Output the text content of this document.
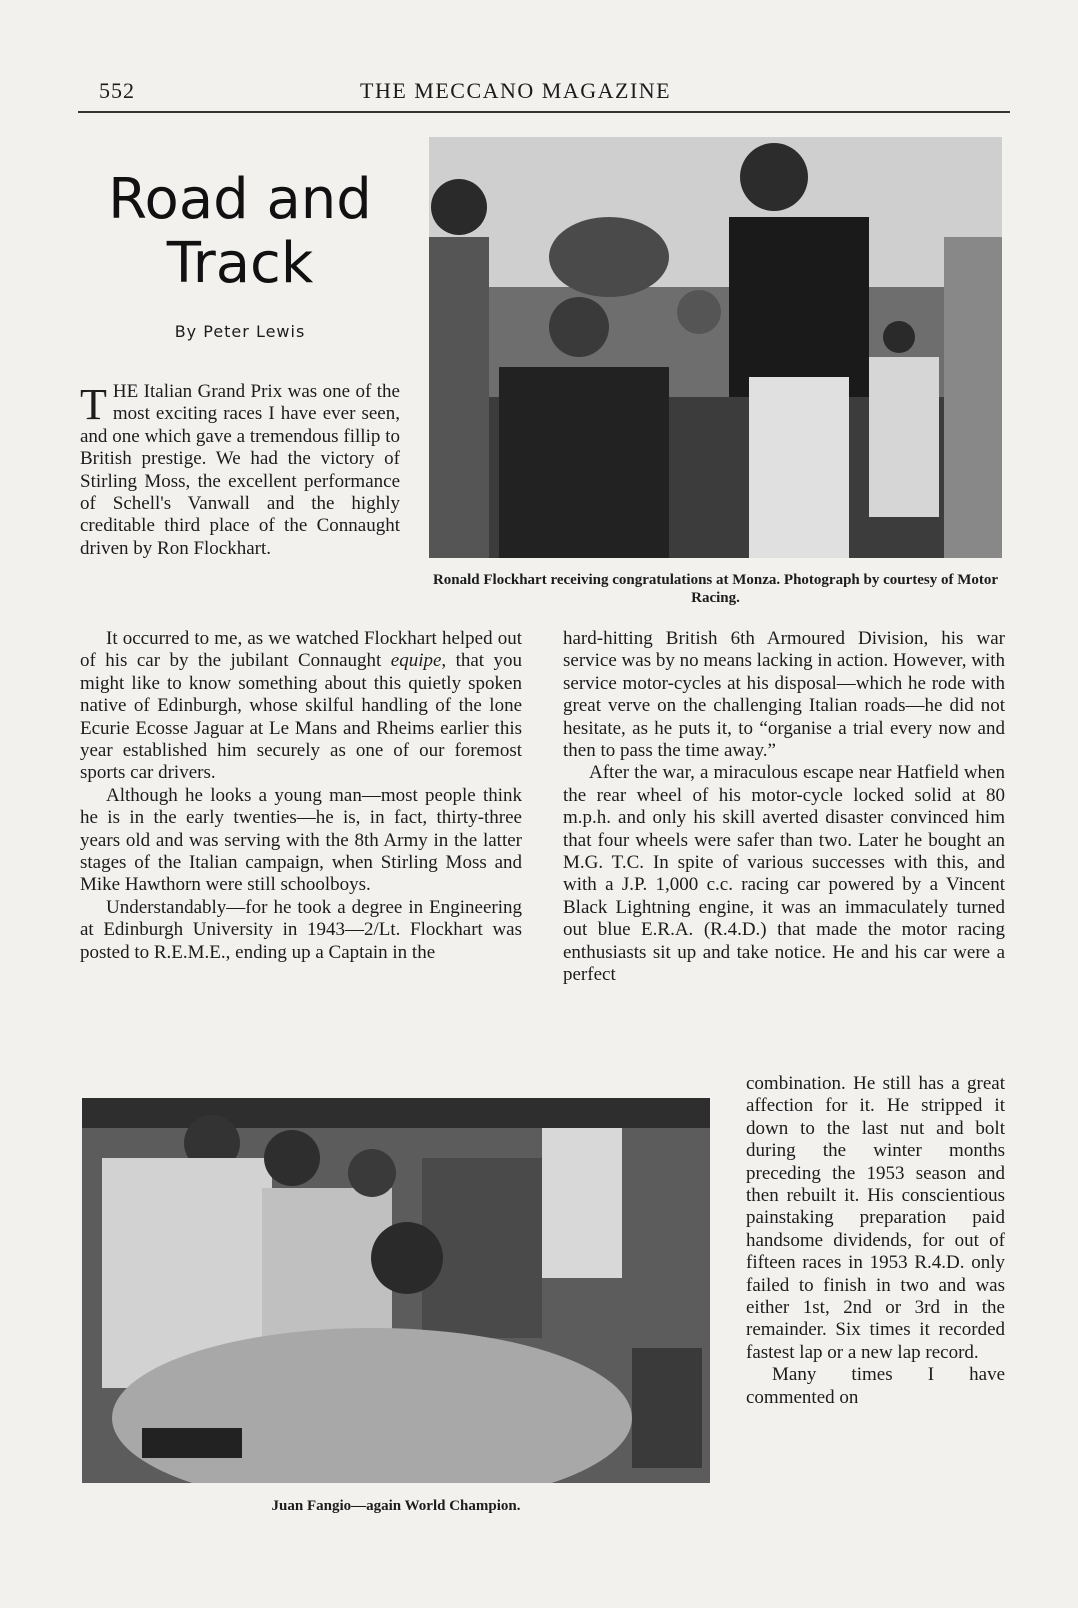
552	THE MECCANO MAGAZINE
Road and
Track
By Peter Lewis

THE Italian Grand Prix was one of the most exciting races I have ever seen, and one which gave a tremendous fillip to British prestige. We had the victory of Stirling Moss, the excellent performance of Schell's Vanwall and the highly creditable third place of the Connaught driven by Ron Flockhart.

It occurred to me, as we watched Flockhart helped out of his car by the jubilant Connaught equipe, that you might like to know something about this quietly spoken native of Edinburgh, whose skilful handling of the lone Ecurie Ecosse Jaguar at Le Mans and Rheims earlier this year established him securely as one of our foremost sports car drivers.

Although he looks a young man—most people think he is in the early twenties—he is, in fact, thirty-three years old and was serving with the 8th Army in the latter stages of the Italian campaign, when Stirling Moss and Mike Hawthorn were still schoolboys.

Understandably—for he took a degree in Engineering at Edinburgh University in 1943—2/Lt. Flockhart was posted to R.E.M.E., ending up a Captain in the

hard-hitting British 6th Armoured Division, his war service was by no means lacking in action. However, with service motor-cycles at his disposal—which he rode with great verve on the challenging Italian roads—he did not hesitate, as he puts it, to “organise a trial every now and then to pass the time away.”

After the war, a miraculous escape near Hatfield when the rear wheel of his motor-cycle locked solid at 80 m.p.h. and only his skill averted disaster convinced him that four wheels were safer than two. Later he bought an M.G. T.C. In spite of various successes with this, and with a J.P. 1,000 c.c. racing car powered by a Vincent Black Lightning engine, it was an immaculately turned out blue E.R.A. (R.4.D.) that made the motor racing enthusiasts sit up and take notice. He and his car were a perfect

combination. He still has a great affection for it. He stripped it down to the last nut and bolt during the winter months preceding the 1953 season and then rebuilt it. His conscientious painstaking preparation paid handsome dividends, for out of fifteen races in 1953 R.4.D. only failed to finish in two and was either 1st, 2nd or 3rd in the remainder. Six times it recorded fastest lap or a new lap record.

Many times I have commented on

Ronald Flockhart receiving congratulations at Monza. Photograph by courtesy of Motor Racing.
Juan Fangio—again World Champion.
